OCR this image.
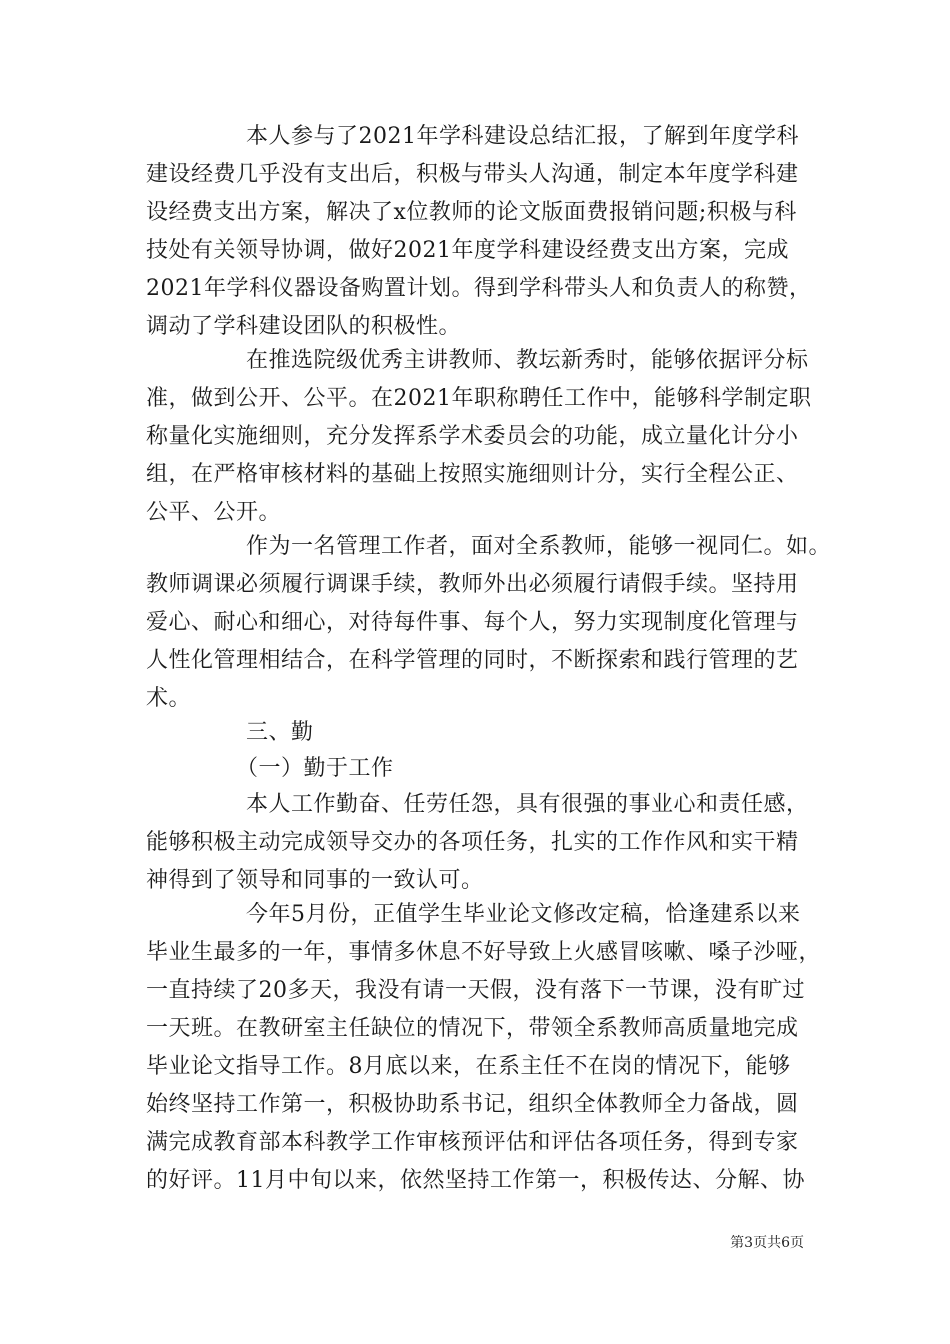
本人参与了2021年学科建设总结汇报，了解到年度学科
建设经费几乎没有支出后，积极与带头人沟通，制定本年度学科建
设经费支出方案，解决了x位教师的论文版面费报销问题;积极与科
技处有关领导协调，做好2021年度学科建设经费支出方案，完成
2021年学科仪器设备购置计划。得到学科带头人和负责人的称赞，
调动了学科建设团队的积极性。
在推选院级优秀主讲教师、教坛新秀时，能够依据评分标
准，做到公开、公平。在2021年职称聘任工作中，能够科学制定职
称量化实施细则，充分发挥系学术委员会的功能，成立量化计分小
组，在严格审核材料的基础上按照实施细则计分，实行全程公正、
公平、公开。
作为一名管理工作者，面对全系教师，能够一视同仁。如。
教师调课必须履行调课手续，教师外出必须履行请假手续。坚持用
爱心、耐心和细心，对待每件事、每个人，努力实现制度化管理与
人性化管理相结合，在科学管理的同时，不断探索和践行管理的艺
术。
三、勤
（一）勤于工作
本人工作勤奋、任劳任怨，具有很强的事业心和责任感，
能够积极主动完成领导交办的各项任务，扎实的工作作风和实干精
神得到了领导和同事的一致认可。
今年5月份，正值学生毕业论文修改定稿，恰逢建系以来
毕业生最多的一年，事情多休息不好导致上火感冒咳嗽、嗓子沙哑，
一直持续了20多天，我没有请一天假，没有落下一节课，没有旷过
一天班。在教研室主任缺位的情况下，带领全系教师高质量地完成
毕业论文指导工作。8月底以来，在系主任不在岗的情况下，能够
始终坚持工作第一，积极协助系书记，组织全体教师全力备战，圆
满完成教育部本科教学工作审核预评估和评估各项任务，得到专家
的好评。11月中旬以来，依然坚持工作第一，积极传达、分解、协
第3页共6页
